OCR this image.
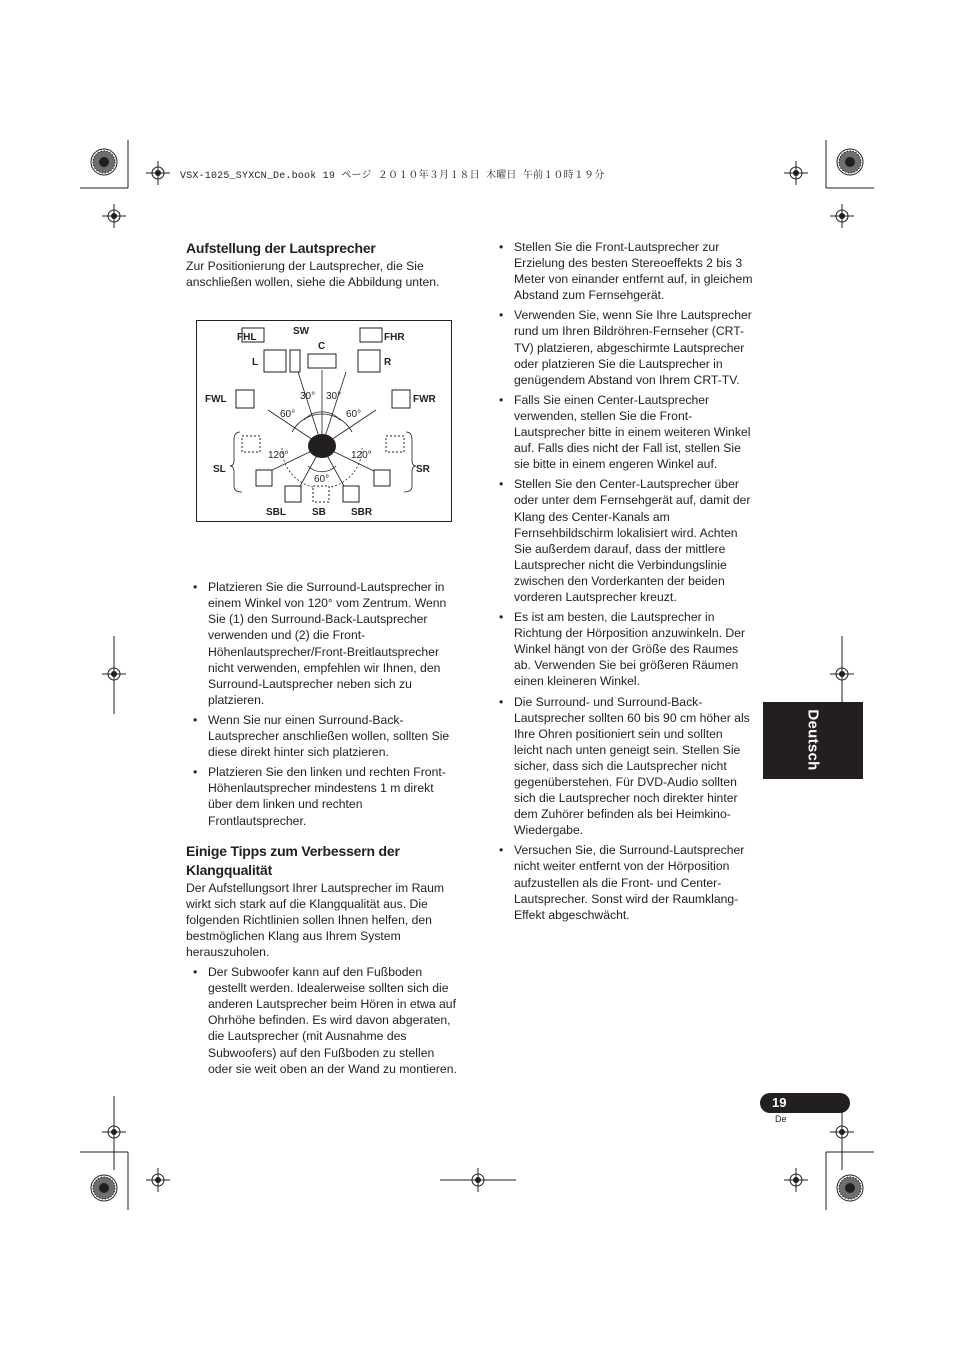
VSX-1025_SYXCN_De.book 19 ページ ２０１０年３月１８日 木曜日 午前１０時１９分
Aufstellung der Lautsprecher

Zur Positionierung der Lautsprecher, die Sie anschließen wollen, siehe die Abbildung unten.

• Platzieren Sie die Surround-Lautsprecher in einem Winkel von 120° vom Zentrum. Wenn Sie (1) den Surround-Back-Lautsprecher verwenden und (2) die Front-Höhenlautsprecher/Front-Breitlautsprecher nicht verwenden, empfehlen wir Ihnen, den Surround-Lautsprecher neben sich zu platzieren.
• Wenn Sie nur einen Surround-Back-Lautsprecher anschließen wollen, sollten Sie diese direkt hinter sich platzieren.
• Platzieren Sie den linken und rechten Front-Höhenlautsprecher mindestens 1 m direkt über dem linken und rechten Frontlautsprecher.
Einige Tipps zum Verbessern der Klangqualität

Der Aufstellungsort Ihrer Lautsprecher im Raum wirkt sich stark auf die Klangqualität aus. Die folgenden Richtlinien sollen Ihnen helfen, den bestmöglichen Klang aus Ihrem System herauszuholen.

• Der Subwoofer kann auf den Fußboden gestellt werden. Idealerweise sollten sich die anderen Lautsprecher beim Hören in etwa auf Ohrhöhe befinden. Es wird davon abgeraten, die Lautsprecher (mit Ausnahme des Subwoofers) auf den Fußboden zu stellen oder sie weit oben an der Wand zu montieren.
FHL
SW
FHR
C
L	R
FWL	FWR
SL	SR
SBL	SB	SBR
30° 30°
60°	60°
120°	120°
60°
• Stellen Sie die Front-Lautsprecher zur Erzielung des besten Stereoeffekts 2 bis 3 Meter von einander entfernt auf, in gleichem Abstand zum Fernsehgerät.
• Verwenden Sie, wenn Sie Ihre Lautsprecher rund um Ihren Bildröhren-Fernseher (CRT-TV) platzieren, abgeschirmte Lautsprecher oder platzieren Sie die Lautsprecher in genügendem Abstand von Ihrem CRT-TV.
• Falls Sie einen Center-Lautsprecher verwenden, stellen Sie die Front-Lautsprecher bitte in einem weiteren Winkel auf. Falls dies nicht der Fall ist, stellen Sie sie bitte in einem engeren Winkel auf.
• Stellen Sie den Center-Lautsprecher über oder unter dem Fernsehgerät auf, damit der Klang des Center-Kanals am Fernsehbildschirm lokalisiert wird. Achten Sie außerdem darauf, dass der mittlere Lautsprecher nicht die Verbindungslinie zwischen den Vorderkanten der beiden vorderen Lautsprecher kreuzt.
• Es ist am besten, die Lautsprecher in Richtung der Hörposition anzuwinkeln. Der Winkel hängt von der Größe des Raumes ab. Verwenden Sie bei größeren Räumen einen kleineren Winkel.
• Die Surround- und Surround-Back-Lautsprecher sollten 60 bis 90 cm höher als Ihre Ohren positioniert sein und sollten leicht nach unten geneigt sein. Stellen Sie sicher, dass sich die Lautsprecher nicht gegenüberstehen. Für DVD-Audio sollten sich die Lautsprecher noch direkter hinter dem Zuhörer befinden als bei Heimkino-Wiedergabe.
• Versuchen Sie, die Surround-Lautsprecher nicht weiter entfernt von der Hörposition aufzustellen als die Front- und Center-Lautsprecher. Sonst wird der Raumklang-Effekt abgeschwächt.
Deutsch
19
De
